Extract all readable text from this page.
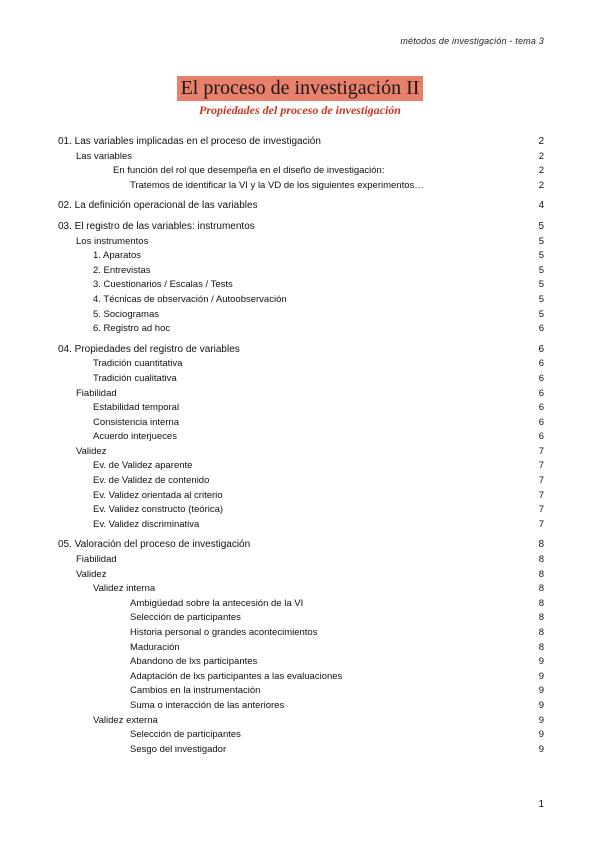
métodos de investigación - tema 3
El proceso de investigación II
Propiedades del proceso de investigación
01. Las variables implicadas en el proceso de investigación	2
Las variables	2
En función del rol que desempeña en el diseño de investigación:	2
Tratemos de identificar la VI y la VD de los siguientes experimentos…	2
02. La definición operacional de las variables	4
03. El registro de las variables: instrumentos	5
Los instrumentos	5
1. Aparatos	5
2. Entrevistas	5
3. Cuestionarios / Escalas / Tests	5
4. Técnicas de observación / Autoobservación	5
5. Sociogramas	5
6. Registro ad hoc	6
04. Propiedades del registro de variables	6
Tradición cuantitativa	6
Tradición cualitativa	6
Fiabilidad	6
Estabilidad temporal	6
Consistencia interna	6
Acuerdo interjueces	6
Validez	7
Ev. de Validez aparente	7
Ev. de Validez de contenido	7
Ev. Validez orientada al criterio	7
Ev. Validez constructo (teórica)	7
Ev. Validez discriminativa	7
05. Valoración del proceso de investigación	8
Fiabilidad	8
Validez	8
Validez interna	8
Ambigüedad sobre la antecesión de la VI	8
Selección de participantes	8
Historia personal o grandes acontecimientos	8
Maduración	8
Abandono de lxs participantes	9
Adaptación de lxs participantes a las evaluaciones	9
Cambios en la instrumentación	9
Suma o interacción de las anteriores	9
Validez externa	9
Selección de participantes	9
Sesgo del investigador	9
1
